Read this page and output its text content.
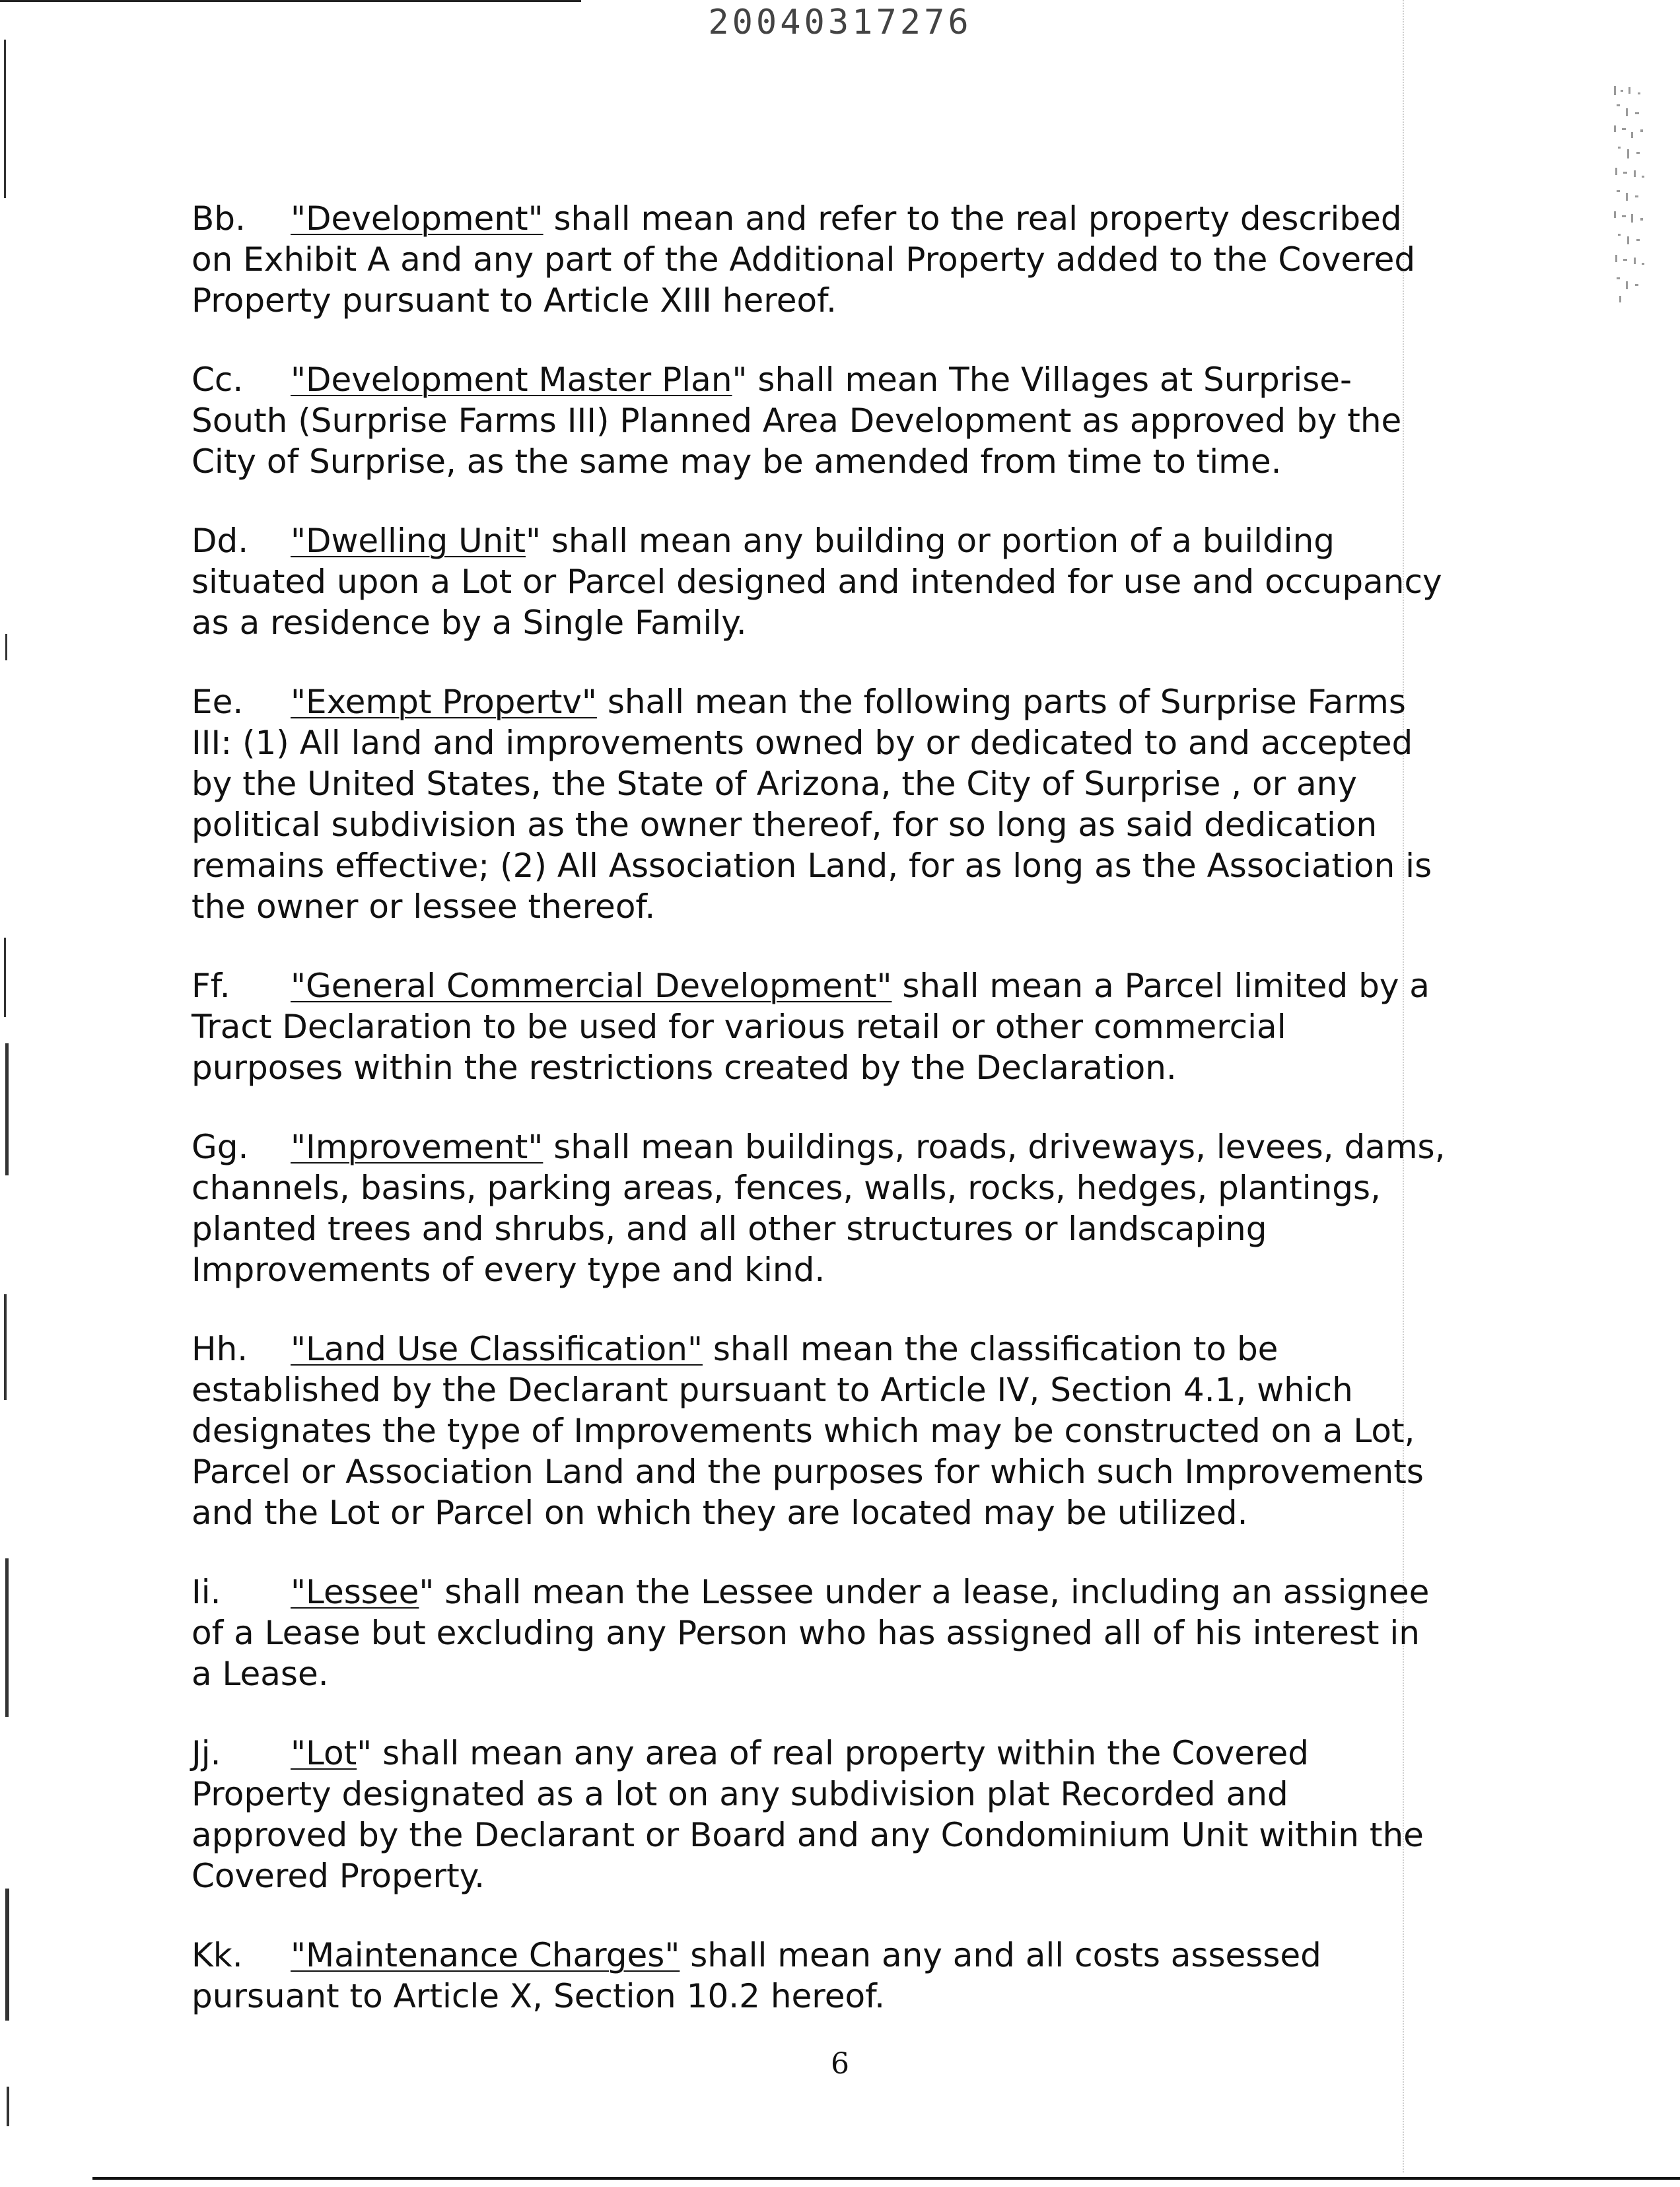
20040317276

Bb. "Development" shall mean and refer to the real property described on Exhibit A and any part of the Additional Property added to the Covered Property pursuant to Article XIII hereof.

Cc. "Development Master Plan" shall mean The Villages at Surprise-South (Surprise Farms III) Planned Area Development as approved by the City of Surprise, as the same may be amended from time to time.

Dd. "Dwelling Unit" shall mean any building or portion of a building situated upon a Lot or Parcel designed and intended for use and occupancy as a residence by a Single Family.

Ee. "Exempt Propertv" shall mean the following parts of Surprise Farms III: (1) All land and improvements owned by or dedicated to and accepted by the United States, the State of Arizona, the City of Surprise , or any political subdivision as the owner thereof, for so long as said dedication remains effective; (2) All Association Land, for as long as the Association is the owner or lessee thereof.

Ff. "General Commercial Development" shall mean a Parcel limited by a Tract Declaration to be used for various retail or other commercial purposes within the restrictions created by the Declaration.

Gg. "Improvement" shall mean buildings, roads, driveways, levees, dams, channels, basins, parking areas, fences, walls, rocks, hedges, plantings, planted trees and shrubs, and all other structures or landscaping Improvements of every type and kind.

Hh. "Land Use Classification" shall mean the classification to be established by the Declarant pursuant to Article IV, Section 4.1, which designates the type of Improvements which may be constructed on a Lot, Parcel or Association Land and the purposes for which such Improvements and the Lot or Parcel on which they are located may be utilized.

Ii. "Lessee" shall mean the Lessee under a lease, including an assignee of a Lease but excluding any Person who has assigned all of his interest in a Lease.

Jj. "Lot" shall mean any area of real property within the Covered Property designated as a lot on any subdivision plat Recorded and approved by the Declarant or Board and any Condominium Unit within the Covered Property.

Kk. "Maintenance Charges" shall mean any and all costs assessed pursuant to Article X, Section 10.2 hereof.

6
